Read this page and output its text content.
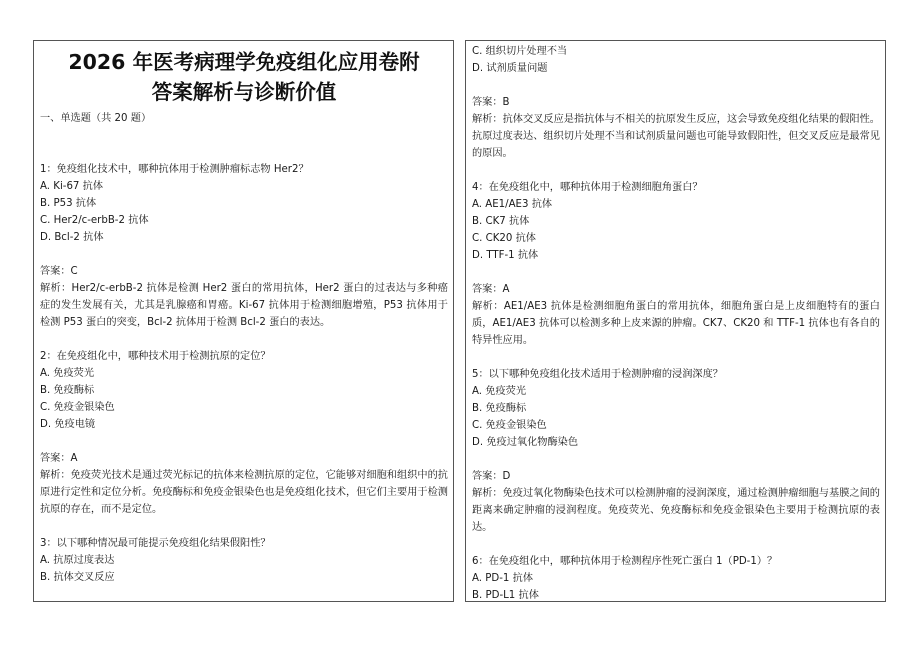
2026 年医考病理学免疫组化应用卷附
答案解析与诊断价值
一、单选题（共 20 题）
1：免疫组化技术中，哪种抗体用于检测肿瘤标志物 Her2？
A. Ki-67 抗体
B. P53 抗体
C. Her2/c-erbB-2 抗体
D. Bcl-2 抗体
答案：C
解析：Her2/c-erbB-2 抗体是检测 Her2 蛋白的常用抗体，Her2 蛋白的过表达与多种癌症的发生发展有关，尤其是乳腺癌和胃癌。Ki-67 抗体用于检测细胞增殖，P53 抗体用于检测 P53 蛋白的突变，Bcl-2 抗体用于检测 Bcl-2 蛋白的表达。
2：在免疫组化中，哪种技术用于检测抗原的定位？
A. 免疫荧光
B. 免疫酶标
C. 免疫金银染色
D. 免疫电镜
答案：A
解析：免疫荧光技术是通过荧光标记的抗体来检测抗原的定位，它能够对细胞和组织中的抗原进行定性和定位分析。免疫酶标和免疫金银染色也是免疫组化技术，但它们主要用于检测抗原的存在，而不是定位。
3：以下哪种情况最可能提示免疫组化结果假阳性？
A. 抗原过度表达
B. 抗体交叉反应
C. 组织切片处理不当
D. 试剂质量问题
答案：B
解析：抗体交叉反应是指抗体与不相关的抗原发生反应，这会导致免疫组化结果的假阳性。抗原过度表达、组织切片处理不当和试剂质量问题也可能导致假阳性，但交叉反应是最常见的原因。
4：在免疫组化中，哪种抗体用于检测细胞角蛋白？
A. AE1/AE3 抗体
B. CK7 抗体
C. CK20 抗体
D. TTF-1 抗体
答案：A
解析：AE1/AE3 抗体是检测细胞角蛋白的常用抗体，细胞角蛋白是上皮细胞特有的蛋白质，AE1/AE3 抗体可以检测多种上皮来源的肿瘤。CK7、CK20 和 TTF-1 抗体也有各自的特异性应用。
5：以下哪种免疫组化技术适用于检测肿瘤的浸润深度？
A. 免疫荧光
B. 免疫酶标
C. 免疫金银染色
D. 免疫过氧化物酶染色
答案：D
解析：免疫过氧化物酶染色技术可以检测肿瘤的浸润深度，通过检测肿瘤细胞与基膜之间的距离来确定肿瘤的浸润程度。免疫荧光、免疫酶标和免疫金银染色主要用于检测抗原的表达。
6：在免疫组化中，哪种抗体用于检测程序性死亡蛋白 1（PD-1）？
A. PD-1 抗体
B. PD-L1 抗体
